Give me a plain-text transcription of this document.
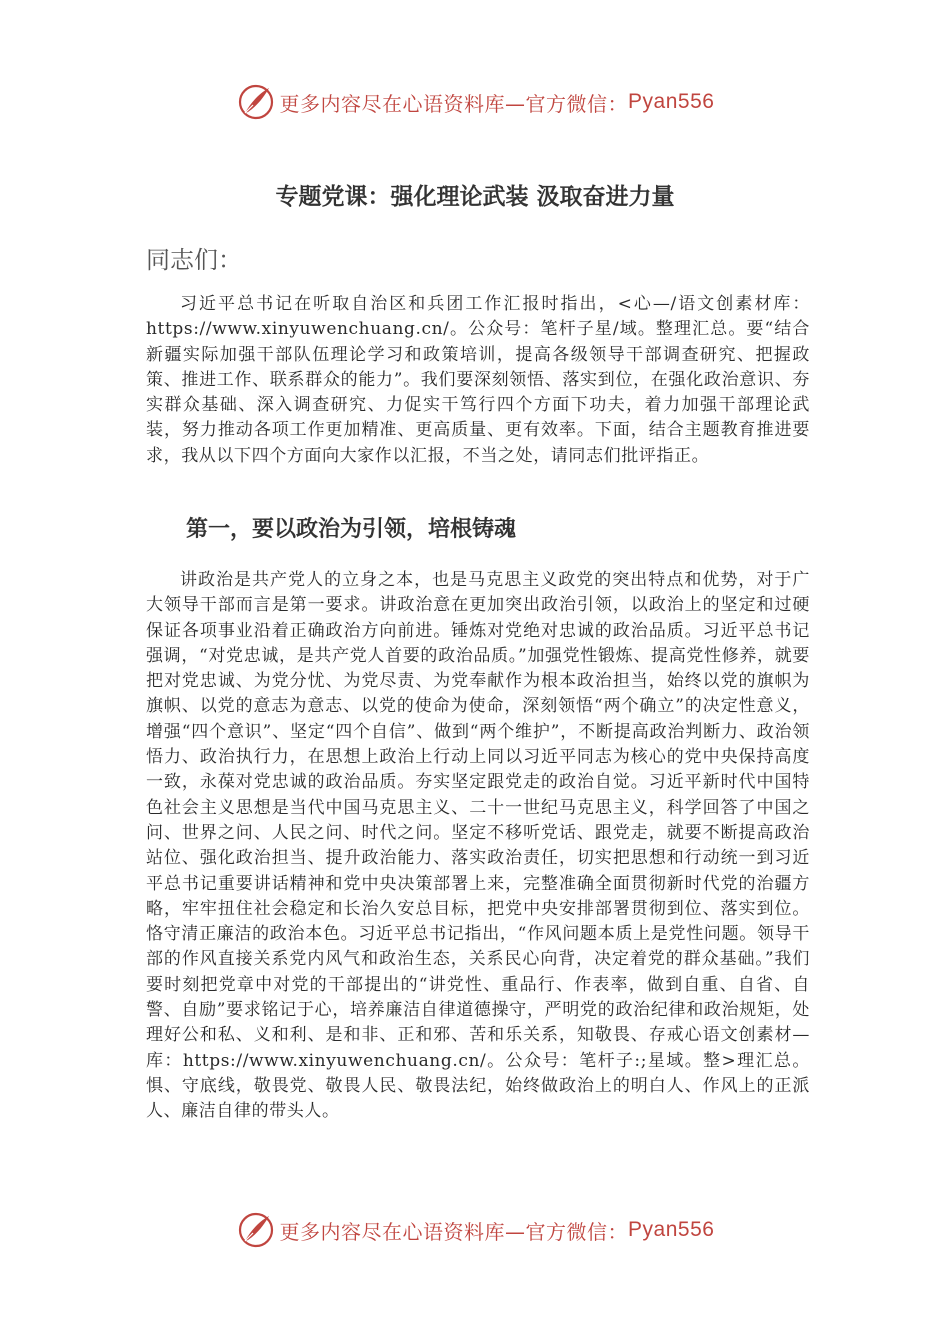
更多内容尽在心语资料库—官方微信： Pyan556
专题党课：强化理论武装 汲取奋进力量
同志们：

习近平总书记在听取自治区和兵团工作汇报时指出，<心—/语文创素材库：https://www.xinyuwenchuang.cn/。公众号：笔杆子星/域。整理汇总。要“结合新疆实际加强干部队伍理论学习和政策培训，提高各级领导干部调查研究、把握政策、推进工作、联系群众的能力”。我们要深刻领悟、落实到位，在强化政治意识、夯实群众基础、深入调查研究、力促实干笃行四个方面下功夫，着力加强干部理论武装，努力推动各项工作更加精准、更高质量、更有效率。下面，结合主题教育推进要求，我从以下四个方面向大家作以汇报，不当之处，请同志们批评指正。

第一，要以政治为引领，培根铸魂

讲政治是共产党人的立身之本，也是马克思主义政党的突出特点和优势，对于广大领导干部而言是第一要求。讲政治意在更加突出政治引领，以政治上的坚定和过硬保证各项事业沿着正确政治方向前进。锤炼对党绝对忠诚的政治品质。习近平总书记强调，“对党忠诚，是共产党人首要的政治品质。”加强党性锻炼、提高党性修养，就要把对党忠诚、为党分忧、为党尽责、为党奉献作为根本政治担当，始终以党的旗帜为旗帜、以党的意志为意志、以党的使命为使命，深刻领悟“两个确立”的决定性意义，增强“四个意识”、坚定“四个自信”、做到“两个维护”，不断提高政治判断力、政治领悟力、政治执行力，在思想上政治上行动上同以习近平同志为核心的党中央保持高度一致，永葆对党忠诚的政治品质。夯实坚定跟党走的政治自觉。习近平新时代中国特色社会主义思想是当代中国马克思主义、二十一世纪马克思主义，科学回答了中国之问、世界之问、人民之问、时代之问。坚定不移听党话、跟党走，就要不断提高政治站位、强化政治担当、提升政治能力、落实政治责任，切实把思想和行动统一到习近平总书记重要讲话精神和党中央决策部署上来，完整准确全面贯彻新时代党的治疆方略，牢牢扭住社会稳定和长治久安总目标，把党中央安排部署贯彻到位、落实到位。恪守清正廉洁的政治本色。习近平总书记指出，“作风问题本质上是党性问题。领导干部的作风直接关系党内风气和政治生态，关系民心向背，决定着党的群众基础。”我们要时刻把党章中对党的干部提出的“讲党性、重品行、作表率，做到自重、自省、自警、自励”要求铭记于心，培养廉洁自律道德操守，严明党的政治纪律和政治规矩，处理好公和私、义和利、是和非、正和邪、苦和乐关系，知敬畏、存戒心语文创素材—库：https://www.xinyuwenchuang.cn/。公众号：笔杆子:;星域。整>理汇总。惧、守底线，敬畏党、敬畏人民、敬畏法纪，始终做政治上的明白人、作风上的正派人、廉洁自律的带头人。

更多内容尽在心语资料库—官方微信： Pyan556
